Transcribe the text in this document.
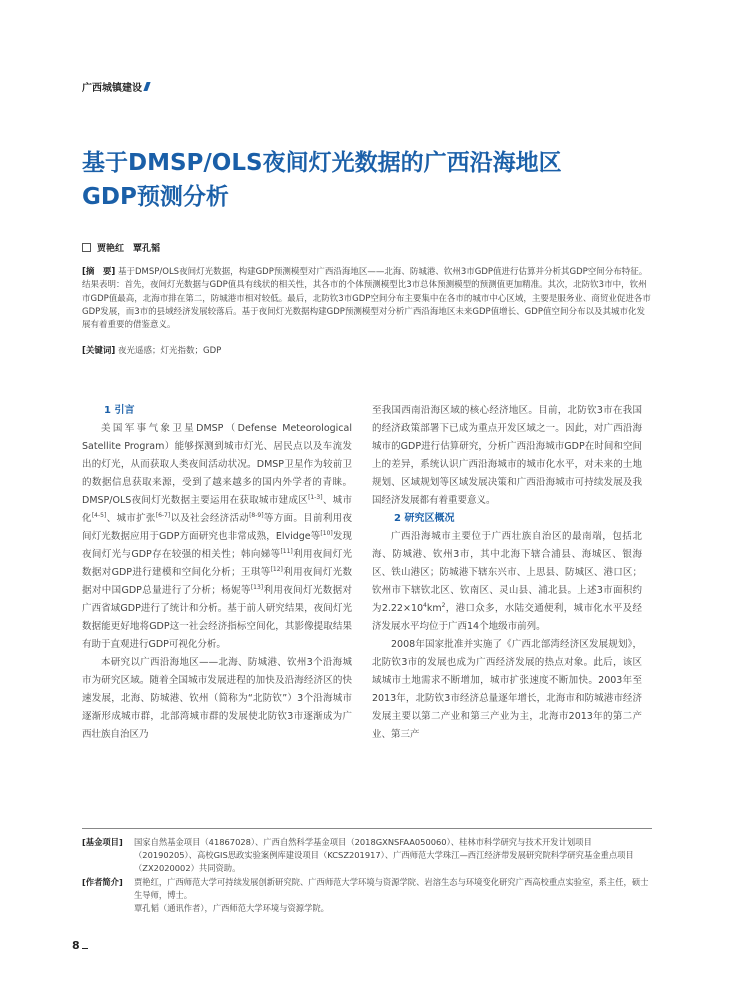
广西城镇建设
基于DMSP/OLS夜间灯光数据的广西沿海地区
GDP预测分析
贾艳红　覃孔韬

[摘　要] 基于DMSP/OLS夜间灯光数据，构建GDP预测模型对广西沿海地区——北海、防城港、钦州3市GDP值进行估算并分析其GDP空间分布特征。结果表明：首先，夜间灯光数据与GDP值具有线状的相关性，其各市的个体预测模型比3市总体预测模型的预测值更加精准。其次，北防钦3市中，钦州市GDP值最高，北海市排在第二，防城港市相对较低。最后，北防钦3市GDP空间分布主要集中在各市的城市中心区域，主要是服务业、商贸业促进各市GDP发展，而3市的县域经济发展较落后。基于夜间灯光数据构建GDP预测模型对分析广西沿海地区未来GDP值增长、GDP值空间分布以及其城市化发展有着重要的借鉴意义。

[关键词] 夜光遥感；灯光指数；GDP

1 引言

美国军事气象卫星DMSP（Defense Meteorological Satellite Program）能够探测到城市灯光、居民点以及车流发出的灯光，从而获取人类夜间活动状况。DMSP卫星作为较前卫的数据信息获取来源，受到了越来越多的国内外学者的青睐。DMSP/OLS夜间灯光数据主要运用在获取城市建成区[1-3]、城市化[4-5]、城市扩张[6-7]以及社会经济活动[8-9]等方面。目前利用夜间灯光数据应用于GDP方面研究也非常成熟，Elvidge等[10]发现夜间灯光与GDP存在较强的相关性；韩向娣等[11]利用夜间灯光数据对GDP进行建模和空间化分析；王琪等[12]利用夜间灯光数据对中国GDP总量进行了分析；杨妮等[13]利用夜间灯光数据对广西省域GDP进行了统计和分析。基于前人研究结果，夜间灯光数据能更好地将GDP这一社会经济指标空间化，其影像提取结果有助于直观进行GDP可视化分析。

本研究以广西沿海地区——北海、防城港、钦州3个沿海城市为研究区域。随着全国城市发展进程的加快及沿海经济区的快速发展，北海、防城港、钦州（简称为“北防钦”）3个沿海城市逐渐形成城市群，北部湾城市群的发展使北防钦3市逐渐成为广西壮族自治区乃

至我国西南沿海区域的核心经济地区。目前，北防钦3市在我国的经济政策部署下已成为重点开发区域之一。因此，对广西沿海城市的GDP进行估算研究，分析广西沿海城市GDP在时间和空间上的差异，系统认识广西沿海城市的城市化水平，对未来的土地规划、区域规划等区域发展决策和广西沿海城市可持续发展及我国经济发展都有着重要意义。

2 研究区概况

广西沿海城市主要位于广西壮族自治区的最南端，包括北海、防城港、钦州3市，其中北海下辖合浦县、海城区、银海区、铁山港区；防城港下辖东兴市、上思县、防城区、港口区；钦州市下辖钦北区、钦南区、灵山县、浦北县。上述3市面积约为$2.22\times 10^4km^2$，港口众多，水陆交通便利，城市化水平及经济发展水平均位于广西14个地级市前列。

2008年国家批准并实施了《广西北部湾经济区发展规划》，北防钦3市的发展也成为广西经济发展的热点对象。此后，该区域城市土地需求不断增加，城市扩张速度不断加快。2003年至2013年，北防钦3市经济总量逐年增长，北海市和防城港市经济发展主要以第二产业和第三产业为主，北海市2013年的第二产业、第三产

[基金项目]	国家自然基金项目（41867028）、广西自然科学基金项目（2018GXNSFAA050060）、桂林市科学研究与技术开发计划项目（20190205）、高校GIS思政实验案例库建设项目（KCSZ201917）、广西师范大学珠江—西江经济带发展研究院科学研究基金重点项目（ZX2020002）共同资助。
[作者简介]	贾艳红，广西师范大学可持续发展创新研究院、广西师范大学环境与资源学院、岩溶生态与环境变化研究广西高校重点实验室，系主任，硕士生导师，博士。
覃孔韬（通讯作者），广西师范大学环境与资源学院。
8
